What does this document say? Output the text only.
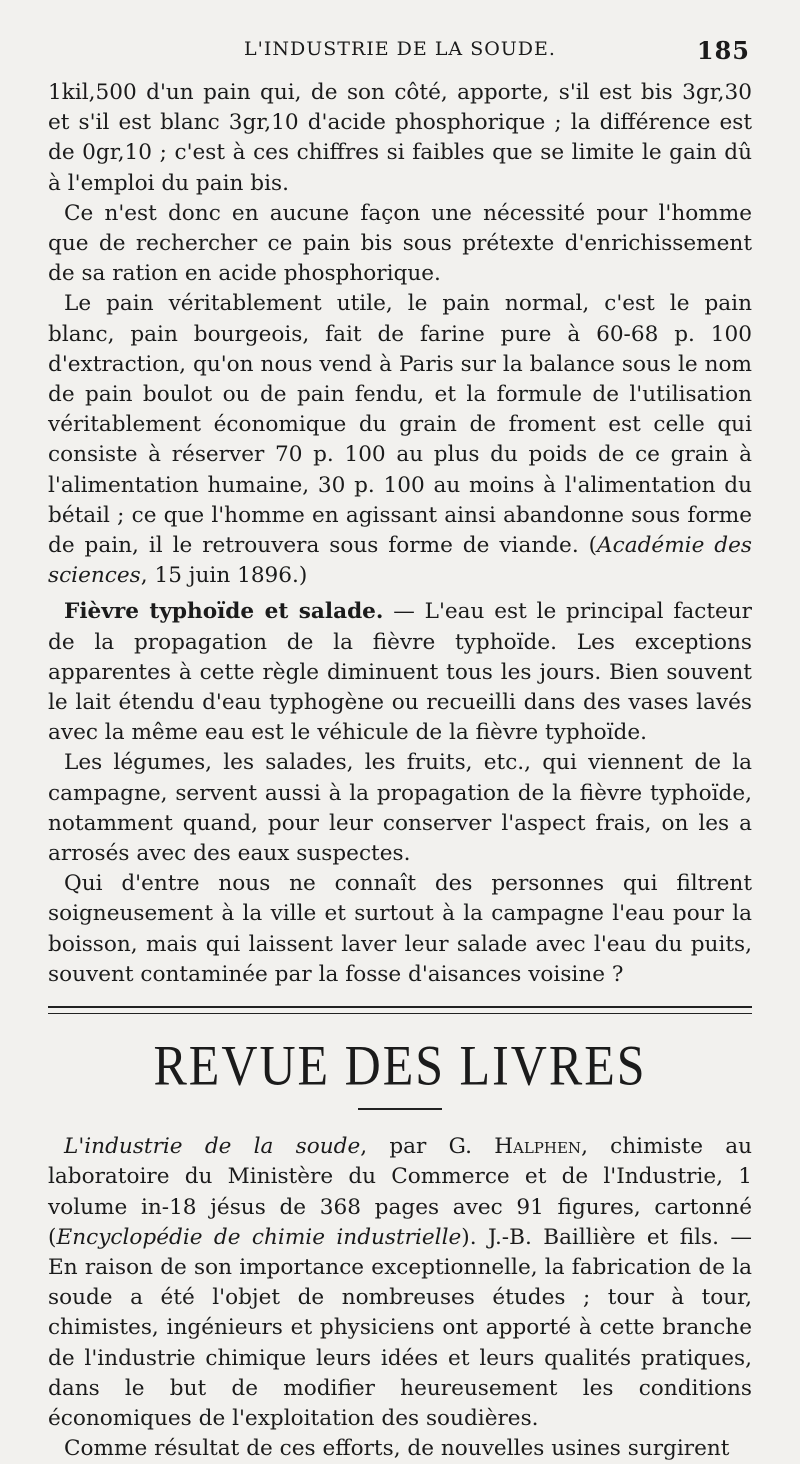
L'INDUSTRIE DE LA SOUDE.	185

1kil,500 d'un pain qui, de son côté, apporte, s'il est bis 3gr,30 et s'il est blanc 3gr,10 d'acide phosphorique ; la différence est de 0gr,10 ; c'est à ces chiffres si faibles que se limite le gain dû à l'emploi du pain bis.

Ce n'est donc en aucune façon une nécessité pour l'homme que de rechercher ce pain bis sous prétexte d'enrichissement de sa ration en acide phosphorique.

Le pain véritablement utile, le pain normal, c'est le pain blanc, pain bourgeois, fait de farine pure à 60-68 p. 100 d'extraction, qu'on nous vend à Paris sur la balance sous le nom de pain boulot ou de pain fendu, et la formule de l'utilisation véritablement économique du grain de froment est celle qui consiste à réserver 70 p. 100 au plus du poids de ce grain à l'alimentation humaine, 30 p. 100 au moins à l'alimentation du bétail ; ce que l'homme en agissant ainsi abandonne sous forme de pain, il le retrouvera sous forme de viande. (Académie des sciences, 15 juin 1896.)

Fièvre typhoïde et salade. — L'eau est le principal facteur de la propagation de la fièvre typhoïde. Les exceptions apparentes à cette règle diminuent tous les jours. Bien souvent le lait étendu d'eau typhogène ou recueilli dans des vases lavés avec la même eau est le véhicule de la fièvre typhoïde.

Les légumes, les salades, les fruits, etc., qui viennent de la campagne, servent aussi à la propagation de la fièvre typhoïde, notamment quand, pour leur conserver l'aspect frais, on les a arrosés avec des eaux suspectes.

Qui d'entre nous ne connaît des personnes qui filtrent soigneusement à la ville et surtout à la campagne l'eau pour la boisson, mais qui laissent laver leur salade avec l'eau du puits, souvent contaminée par la fosse d'aisances voisine ?

REVUE DES LIVRES

L'industrie de la soude, par G. Halphen, chimiste au laboratoire du Ministère du Commerce et de l'Industrie, 1 volume in-18 jésus de 368 pages avec 91 figures, cartonné (Encyclopédie de chimie industrielle). J.-B. Baillière et fils. — En raison de son importance exceptionnelle, la fabrication de la soude a été l'objet de nombreuses études ; tour à tour, chimistes, ingénieurs et physiciens ont apporté à cette branche de l'industrie chimique leurs idées et leurs qualités pratiques, dans le but de modifier heureusement les conditions économiques de l'exploitation des soudières.

Comme résultat de ces efforts, de nouvelles usines surgirent
